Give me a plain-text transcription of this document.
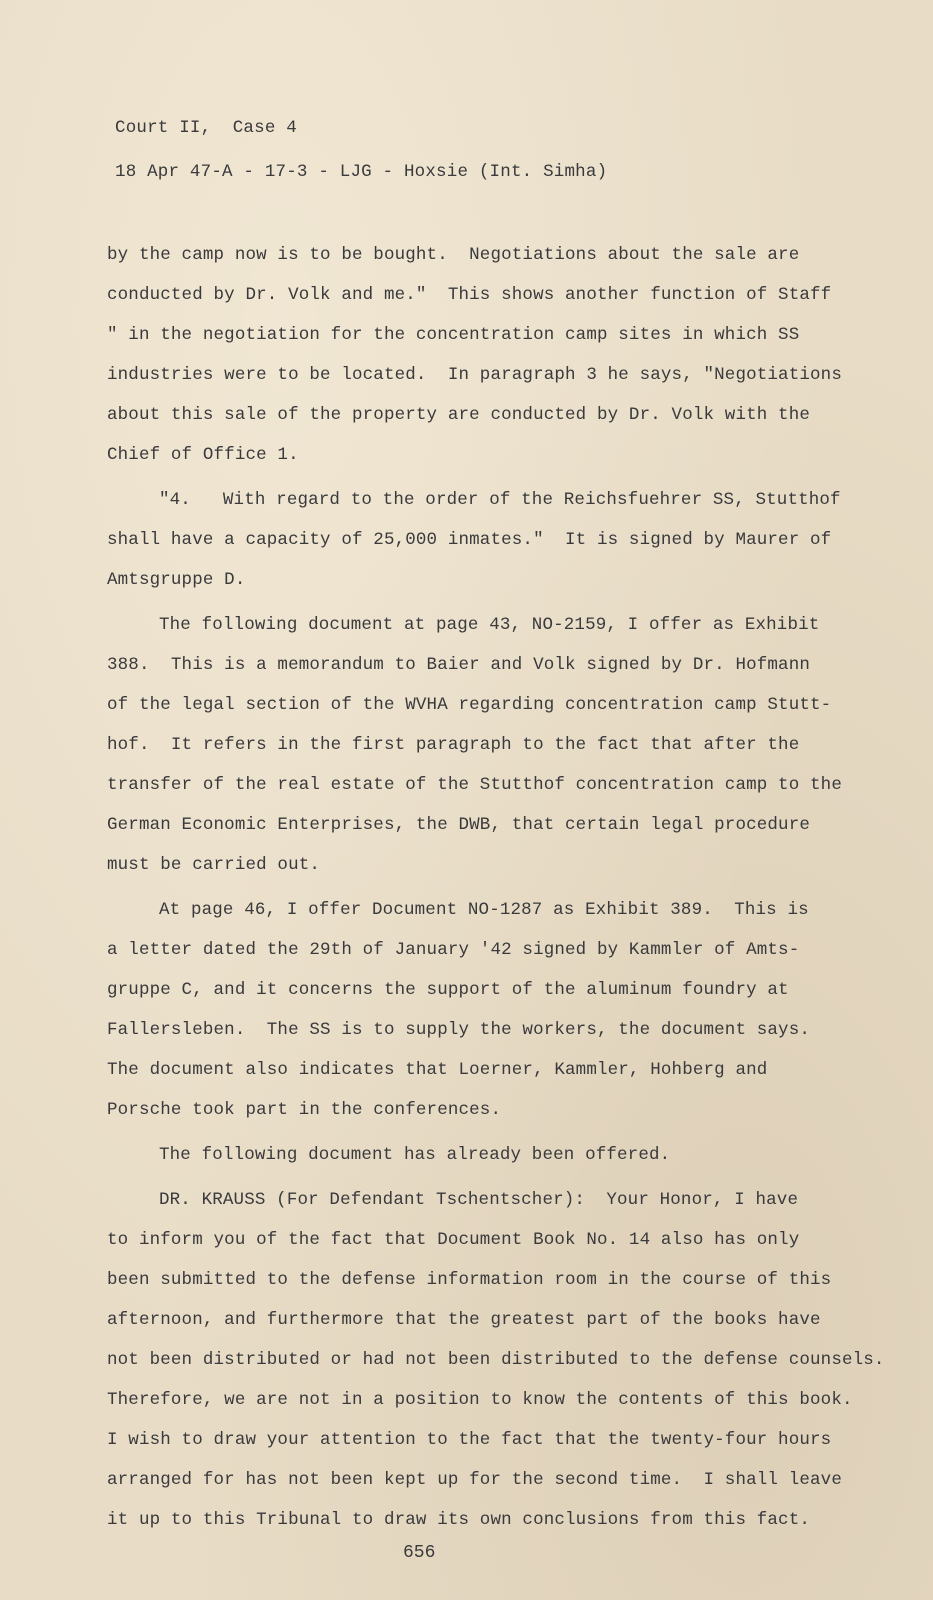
Court II,  Case 4
18 Apr 47-A - 17-3 - LJG - Hoxsie (Int. Simha)
by the camp now is to be bought.  Negotiations about the sale are
conducted by Dr. Volk and me."  This shows another function of Staff
" in the negotiation for the concentration camp sites in which SS
industries were to be located.  In paragraph 3 he says, "Negotiations
about this sale of the property are conducted by Dr. Volk with the
Chief of Office 1.
"4.   With regard to the order of the Reichsfuehrer SS, Stutthof
shall have a capacity of 25,000 inmates."  It is signed by Maurer of
Amtsgruppe D.
The following document at page 43, NO-2159, I offer as Exhibit
388.  This is a memorandum to Baier and Volk signed by Dr. Hofmann
of the legal section of the WVHA regarding concentration camp Stutt-
hof.  It refers in the first paragraph to the fact that after the
transfer of the real estate of the Stutthof concentration camp to the
German Economic Enterprises, the DWB, that certain legal procedure
must be carried out.
At page 46, I offer Document NO-1287 as Exhibit 389.  This is
a letter dated the 29th of January '42 signed by Kammler of Amts-
gruppe C, and it concerns the support of the aluminum foundry at
Fallersleben.  The SS is to supply the workers, the document says.
The document also indicates that Loerner, Kammler, Hohberg and
Porsche took part in the conferences.
The following document has already been offered.
DR. KRAUSS (For Defendant Tschentscher):  Your Honor, I have
to inform you of the fact that Document Book No. 14 also has only
been submitted to the defense information room in the course of this
afternoon, and furthermore that the greatest part of the books have
not been distributed or had not been distributed to the defense counsels.
Therefore, we are not in a position to know the contents of this book.
I wish to draw your attention to the fact that the twenty-four hours
arranged for has not been kept up for the second time.  I shall leave
it up to this Tribunal to draw its own conclusions from this fact.
656
